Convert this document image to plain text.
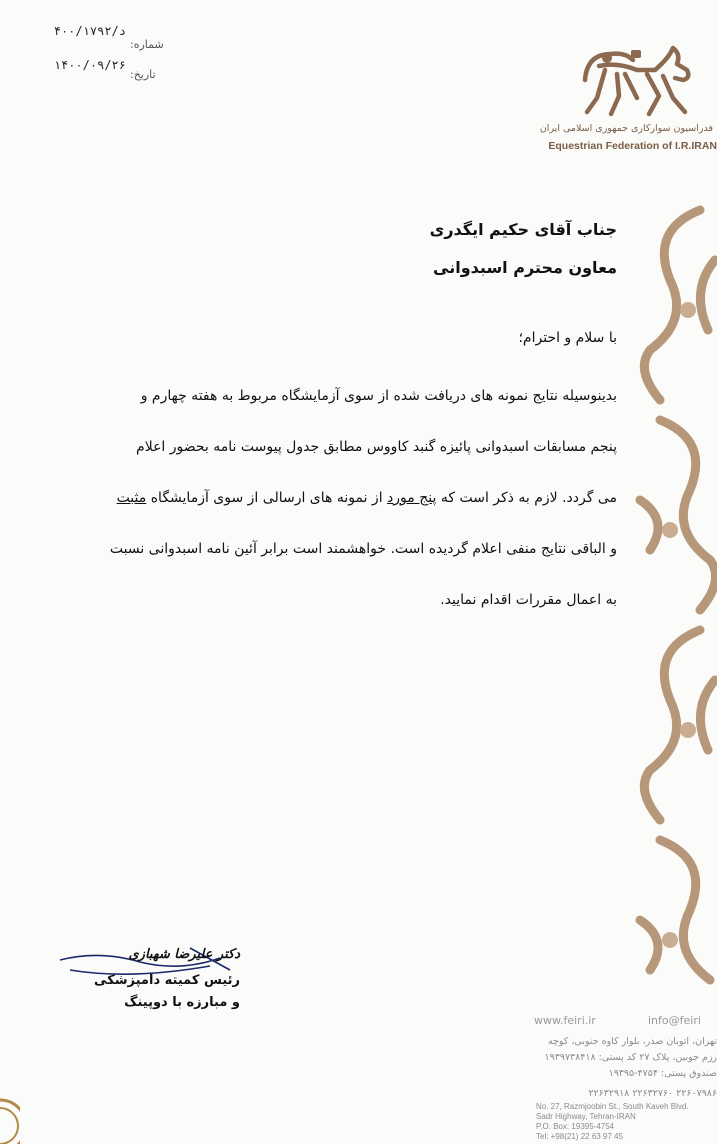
۴۰۰/د/۱۷۹۲
شماره:
۱۴۰۰/۰۹/۲۶
تاریخ:
فدراسیون سوارکاری جمهوری اسلامی ایران
Equestrian Federation of I.R.IRAN
جناب آقای حکیم ایگدری
معاون محترم اسبدوانی
با سلام و احترام؛
بدینوسیله نتایج نمونه های دریافت شده از سوی آزمایشگاه مربوط به هفته چهارم و
پنجم مسابقات اسبدوانی پائیزه گنبد کاووس مطابق جدول پیوست نامه بحضور اعلام
می گردد. لازم به ذکر است که پنج مورد از نمونه های ارسالی از سوی آزمایشگاه مثبت
و الباقی نتایج منفی اعلام گردیده است. خواهشمند است برابر آئین نامه اسبدوانی نسبت
به اعمال مقررات اقدام نمایید.
دکتر علیرضا شهبازی
رئیس کمیته دامپزشکی
و مبارزه با دوپینگ
www.feiri.ir	info@feiri
تهران، اتوبان صدر، بلوار کاوه جنوبی، کوچه
رزم جوبین، پلاک ۲۷ کد پستی: ۱۹۳۹۷۳۸۴۱۸
صندوق پستی: ۴۷۵۴-۱۹۳۹۵
۲۲۶۰۷۹۸۶ ۲۲۶۳۲۷۶۰ ۲۲۶۳۲۹۱۸
No. 27, Razmjoobin St., South Kaveh Blvd.
Sadr Highway, Tehran-IRAN
P.O. Box: 19395-4754
Tel: +98(21) 22 63 97 45
